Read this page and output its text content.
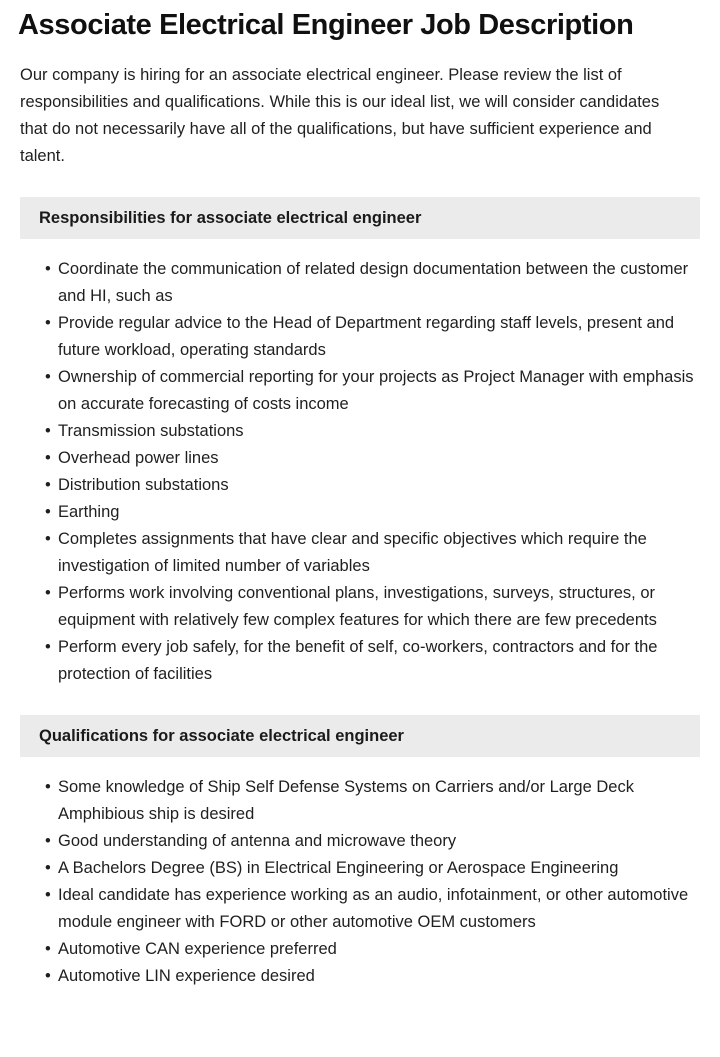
Associate Electrical Engineer Job Description

Our company is hiring for an associate electrical engineer. Please review the list of responsibilities and qualifications. While this is our ideal list, we will consider candidates that do not necessarily have all of the qualifications, but have sufficient experience and talent.

Responsibilities for associate electrical engineer
• Coordinate the communication of related design documentation between the customer and HI, such as
• Provide regular advice to the Head of Department regarding staff levels, present and future workload, operating standards
• Ownership of commercial reporting for your projects as Project Manager with emphasis on accurate forecasting of costs income
• Transmission substations
• Overhead power lines
• Distribution substations
• Earthing
• Completes assignments that have clear and specific objectives which require the investigation of limited number of variables
• Performs work involving conventional plans, investigations, surveys, structures, or equipment with relatively few complex features for which there are few precedents
• Perform every job safely, for the benefit of self, co-workers, contractors and for the protection of facilities
Qualifications for associate electrical engineer
• Some knowledge of Ship Self Defense Systems on Carriers and/or Large Deck Amphibious ship is desired
• Good understanding of antenna and microwave theory
• A Bachelors Degree (BS) in Electrical Engineering or Aerospace Engineering
• Ideal candidate has experience working as an audio, infotainment, or other automotive module engineer with FORD or other automotive OEM customers
• Automotive CAN experience preferred
• Automotive LIN experience desired
